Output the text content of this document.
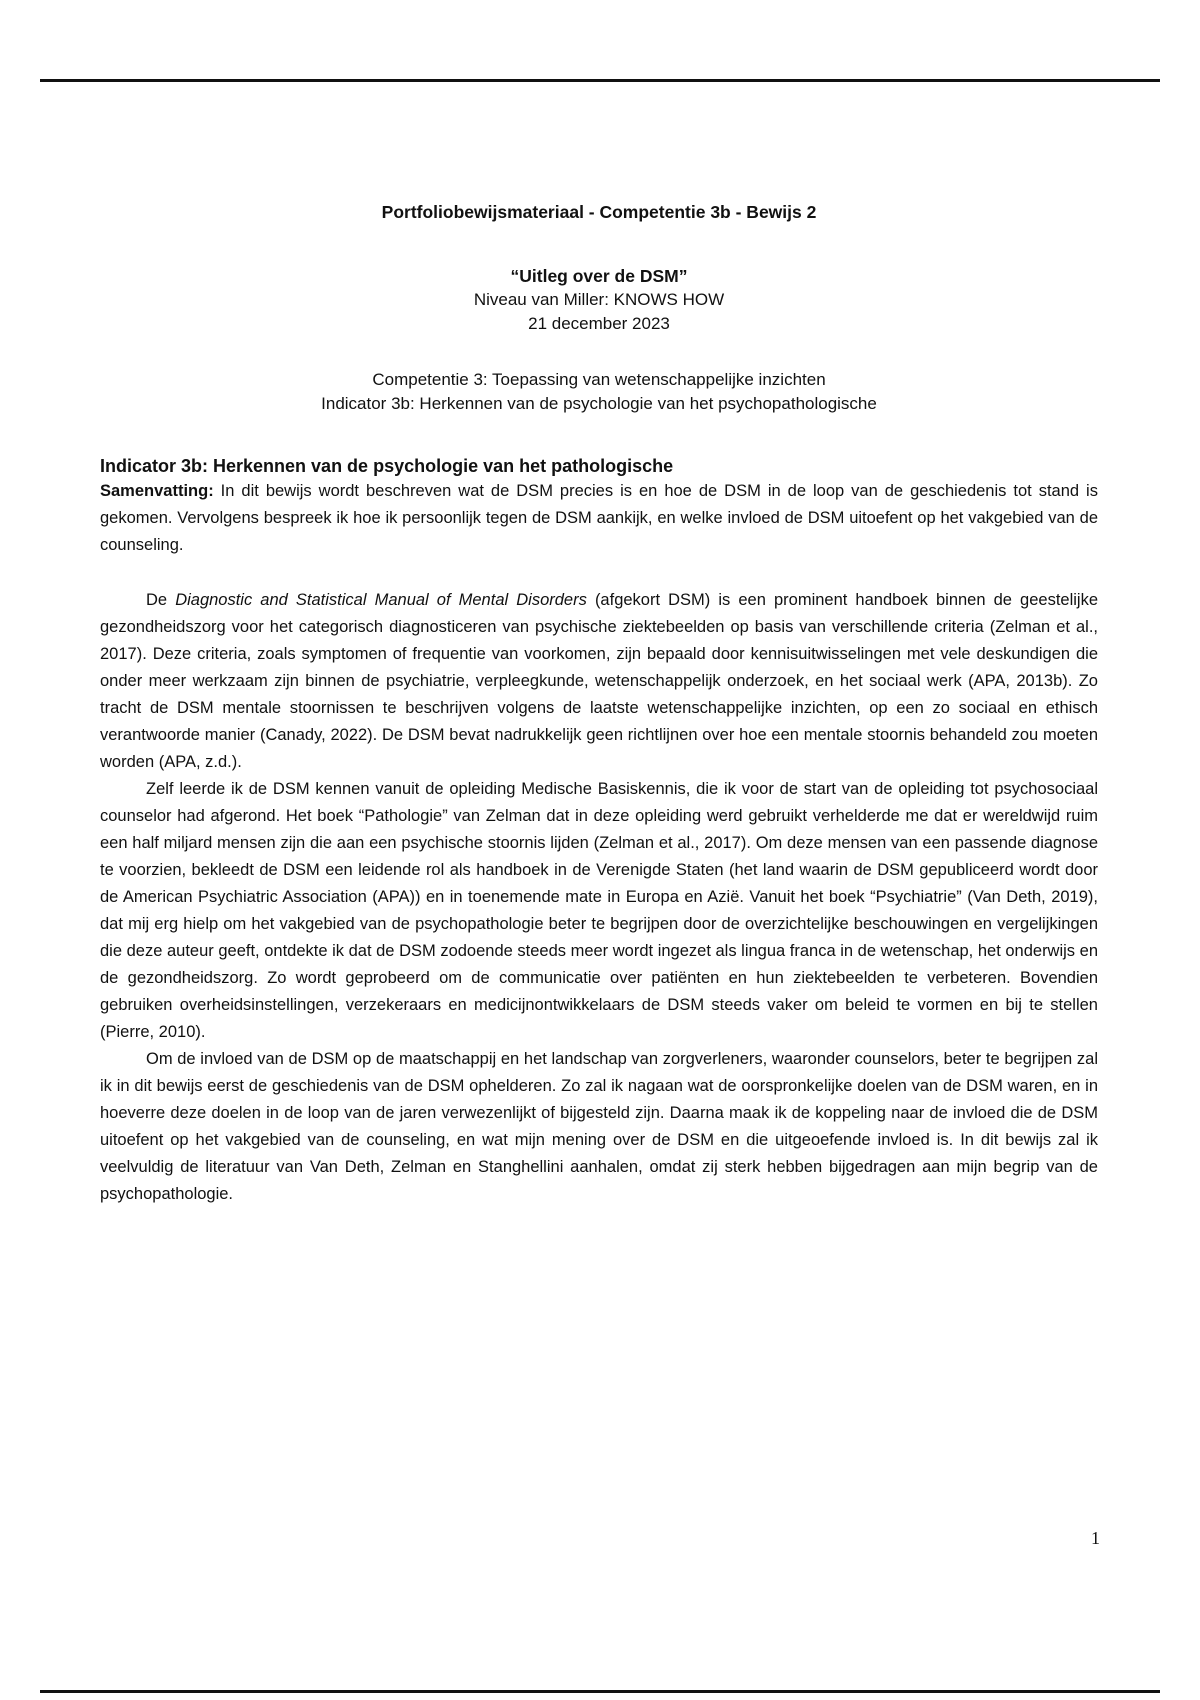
Portfoliobewijsmateriaal - Competentie 3b - Bewijs 2
“Uitleg over de DSM”
Niveau van Miller: KNOWS HOW
21 december 2023
Competentie 3: Toepassing van wetenschappelijke inzichten
Indicator 3b: Herkennen van de psychologie van het psychopathologische
Indicator 3b: Herkennen van de psychologie van het pathologische

Samenvatting: In dit bewijs wordt beschreven wat de DSM precies is en hoe de DSM in de loop van de geschiedenis tot stand is gekomen. Vervolgens bespreek ik hoe ik persoonlijk tegen de DSM aankijk, en welke invloed de DSM uitoefent op het vakgebied van de counseling.

De Diagnostic and Statistical Manual of Mental Disorders (afgekort DSM) is een prominent handboek binnen de geestelijke gezondheidszorg voor het categorisch diagnosticeren van psychische ziektebeelden op basis van verschillende criteria (Zelman et al., 2017). Deze criteria, zoals symptomen of frequentie van voorkomen, zijn bepaald door kennisuitwisselingen met vele deskundigen die onder meer werkzaam zijn binnen de psychiatrie, verpleegkunde, wetenschappelijk onderzoek, en het sociaal werk (APA, 2013b). Zo tracht de DSM mentale stoornissen te beschrijven volgens de laatste wetenschappelijke inzichten, op een zo sociaal en ethisch verantwoorde manier (Canady, 2022). De DSM bevat nadrukkelijk geen richtlijnen over hoe een mentale stoornis behandeld zou moeten worden (APA, z.d.).

Zelf leerde ik de DSM kennen vanuit de opleiding Medische Basiskennis, die ik voor de start van de opleiding tot psychosociaal counselor had afgerond. Het boek “Pathologie” van Zelman dat in deze opleiding werd gebruikt verhelderde me dat er wereldwijd ruim een half miljard mensen zijn die aan een psychische stoornis lijden (Zelman et al., 2017). Om deze mensen van een passende diagnose te voorzien, bekleedt de DSM een leidende rol als handboek in de Verenigde Staten (het land waarin de DSM gepubliceerd wordt door de American Psychiatric Association (APA)) en in toenemende mate in Europa en Azië. Vanuit het boek “Psychiatrie” (Van Deth, 2019), dat mij erg hielp om het vakgebied van de psychopathologie beter te begrijpen door de overzichtelijke beschouwingen en vergelijkingen die deze auteur geeft, ontdekte ik dat de DSM zodoende steeds meer wordt ingezet als lingua franca in de wetenschap, het onderwijs en de gezondheidszorg. Zo wordt geprobeerd om de communicatie over patiënten en hun ziektebeelden te verbeteren. Bovendien gebruiken overheidsinstellingen, verzekeraars en medicijnontwikkelaars de DSM steeds vaker om beleid te vormen en bij te stellen (Pierre, 2010).

Om de invloed van de DSM op de maatschappij en het landschap van zorgverleners, waaronder counselors, beter te begrijpen zal ik in dit bewijs eerst de geschiedenis van de DSM ophelderen. Zo zal ik nagaan wat de oorspronkelijke doelen van de DSM waren, en in hoeverre deze doelen in de loop van de jaren verwezenlijkt of bijgesteld zijn. Daarna maak ik de koppeling naar de invloed die de DSM uitoefent op het vakgebied van de counseling, en wat mijn mening over de DSM en die uitgeoefende invloed is. In dit bewijs zal ik veelvuldig de literatuur van Van Deth, Zelman en Stanghellini aanhalen, omdat zij sterk hebben bijgedragen aan mijn begrip van de psychopathologie.

1
